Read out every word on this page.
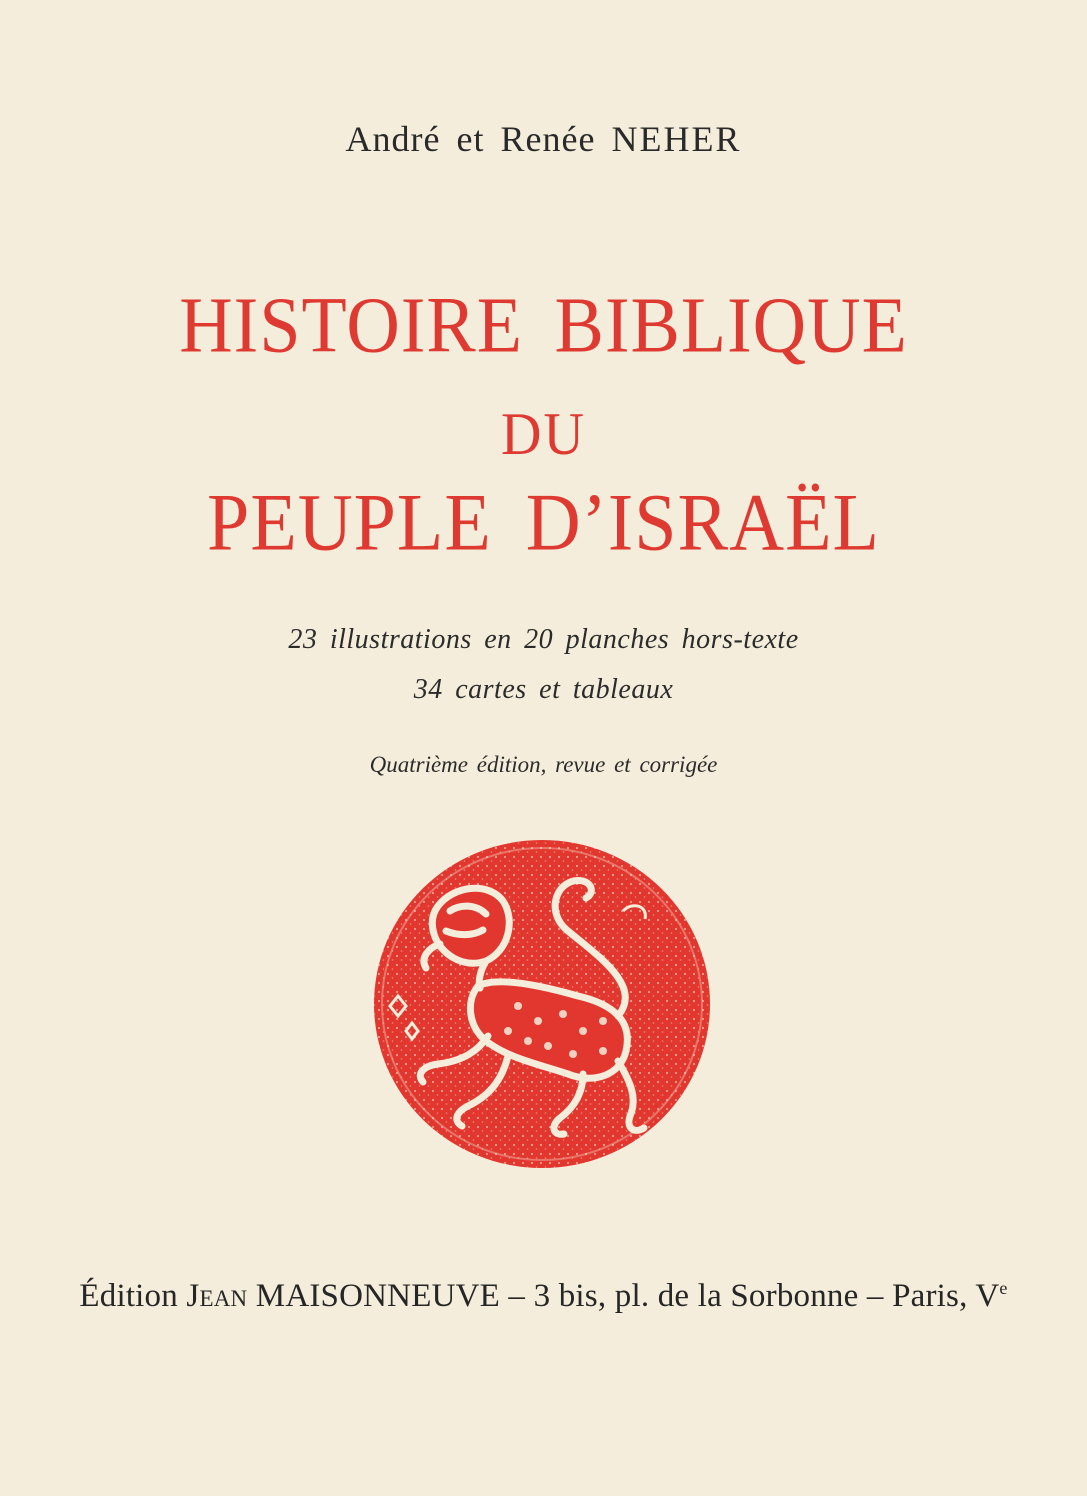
André et Renée NEHER
HISTOIRE BIBLIQUE
DU
PEUPLE D’ISRAËL
23 illustrations en 20 planches hors-texte
34 cartes et tableaux
Quatrième édition, revue et corrigée
Édition Jean MAISONNEUVE – 3 bis, pl. de la Sorbonne – Paris, Ve
